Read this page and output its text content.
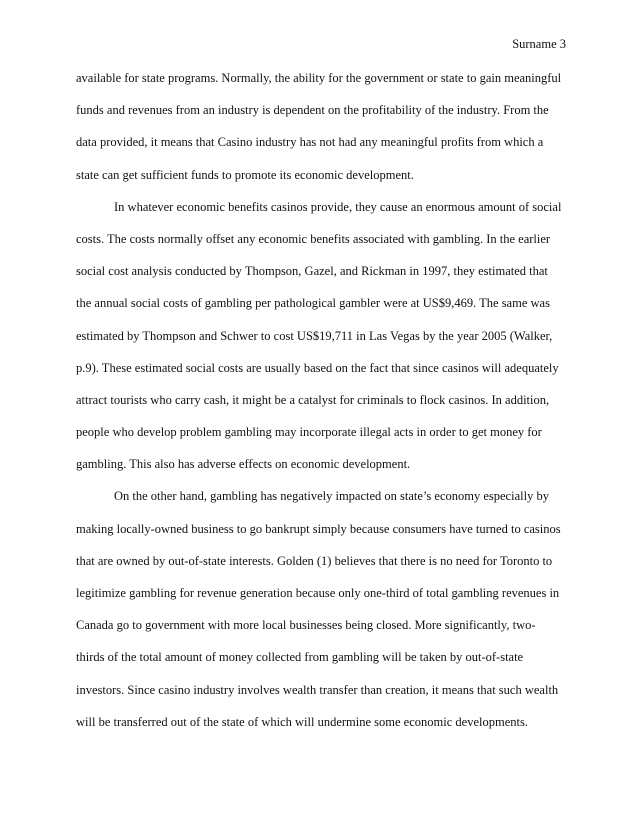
Surname 3
available for state programs. Normally, the ability for the government or state to gain meaningful
funds and revenues from an industry is dependent on the profitability of the industry. From the
data provided, it means that Casino industry has not had any meaningful profits from which a
state can get sufficient funds to promote its economic development.
In whatever economic benefits casinos provide, they cause an enormous amount of social
costs. The costs normally offset any economic benefits associated with gambling. In the earlier
social cost analysis conducted by Thompson, Gazel, and Rickman in 1997, they estimated that
the annual social costs of gambling per pathological gambler were at US$9,469. The same was
estimated by Thompson and Schwer to cost US$19,711 in Las Vegas by the year 2005 (Walker,
p.9). These estimated social costs are usually based on the fact that since casinos will adequately
attract tourists who carry cash, it might be a catalyst for criminals to flock casinos. In addition,
people who develop problem gambling may incorporate illegal acts in order to get money for
gambling. This also has adverse effects on economic development.
On the other hand, gambling has negatively impacted on state’s economy especially by
making locally-owned business to go bankrupt simply because consumers have turned to casinos
that are owned by out-of-state interests. Golden (1) believes that there is no need for Toronto to
legitimize gambling for revenue generation because only one-third of total gambling revenues in
Canada go to government with more local businesses being closed. More significantly, two-
thirds of the total amount of money collected from gambling will be taken by out-of-state
investors. Since casino industry involves wealth transfer than creation, it means that such wealth
will be transferred out of the state of which will undermine some economic developments.
